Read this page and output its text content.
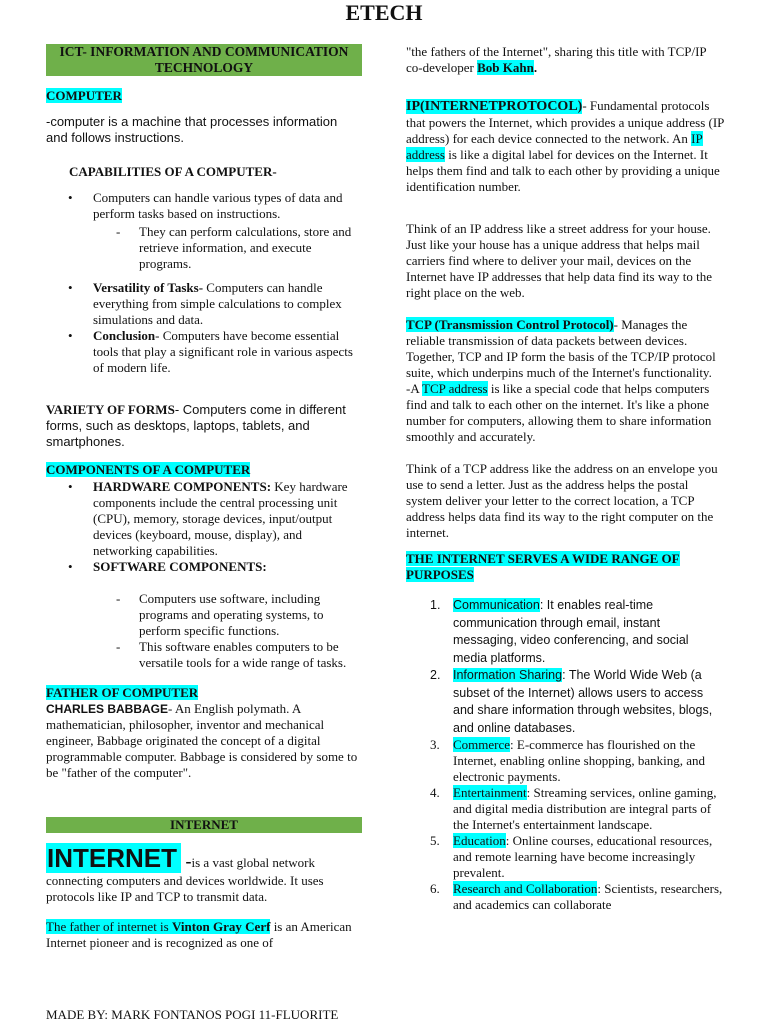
ETECH
ICT- INFORMATION AND COMMUNICATION TECHNOLOGY

COMPUTER

-computer is a machine that processes information and follows instructions.

CAPABILITIES OF A COMPUTER-

• Computers can handle various types of data and perform tasks based on instructions.
- They can perform calculations, store and retrieve information, and execute programs.
• Versatility of Tasks- Computers can handle everything from simple calculations to complex simulations and data.
• Conclusion- Computers have become essential tools that play a significant role in various aspects of modern life.

VARIETY OF FORMS- Computers come in different forms, such as desktops, laptops, tablets, and smartphones.

COMPONENTS OF A COMPUTER

• HARDWARE COMPONENTS: Key hardware components include the central processing unit (CPU), memory, storage devices, input/output devices (keyboard, mouse, display), and networking capabilities.
• SOFTWARE COMPONENTS:
- Computers use software, including programs and operating systems, to perform specific functions.
- This software enables computers to be versatile tools for a wide range of tasks.

FATHER OF COMPUTER

CHARLES BABBAGE- An English polymath. A mathematician, philosopher, inventor and mechanical engineer, Babbage originated the concept of a digital programmable computer. Babbage is considered by some to be "father of the computer".

INTERNET

INTERNET -is a vast global network connecting computers and devices worldwide. It uses protocols like IP and TCP to transmit data.

The father of internet is Vinton Gray Cerf is an American Internet pioneer and is recognized as one of

"the fathers of the Internet", sharing this title with TCP/IP co-developer Bob Kahn.

IP(INTERNETPROTOCOL)- Fundamental protocols that powers the Internet, which provides a unique address (IP address) for each device connected to the network. An IP address is like a digital label for devices on the Internet. It helps them find and talk to each other by providing a unique identification number.

Think of an IP address like a street address for your house. Just like your house has a unique address that helps mail carriers find where to deliver your mail, devices on the Internet have IP addresses that help data find its way to the right place on the web.

TCP (Transmission Control Protocol)- Manages the reliable transmission of data packets between devices. Together, TCP and IP form the basis of the TCP/IP protocol suite, which underpins much of the Internet's functionality.

-A TCP address is like a special code that helps computers find and talk to each other on the internet. It's like a phone number for computers, allowing them to share information smoothly and accurately.

Think of a TCP address like the address on an envelope you use to send a letter. Just as the address helps the postal system deliver your letter to the correct location, a TCP address helps data find its way to the right computer on the internet.

THE INTERNET SERVES A WIDE RANGE OF PURPOSES

1. Communication: It enables real-time communication through email, instant messaging, video conferencing, and social media platforms.
2. Information Sharing: The World Wide Web (a subset of the Internet) allows users to access and share information through websites, blogs, and online databases.
3. Commerce: E-commerce has flourished on the Internet, enabling online shopping, banking, and electronic payments.
4. Entertainment: Streaming services, online gaming, and digital media distribution are integral parts of the Internet's entertainment landscape.
5. Education: Online courses, educational resources, and remote learning have become increasingly prevalent.
6. Research and Collaboration: Scientists, researchers, and academics can collaborate
MADE BY: MARK FONTANOS POGI 11-FLUORITE
